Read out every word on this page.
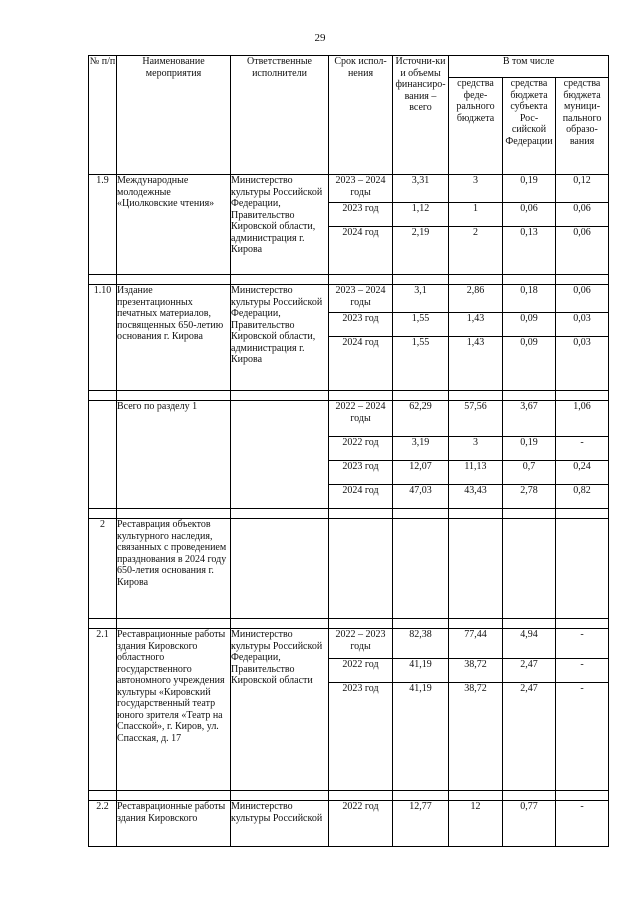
29
№ п/п	Наименование мероприятия	Ответственные исполнители	Срок испол-нения	Источни-ки и объемы финансиро-вания – всего	В том числе		
					средства феде-рального бюджета	средства бюджета субъекта Рос-сийской Федерации	средства бюджета муници-пального образо-вания
1.9	Международные молодежные «Циолковские чтения»	Министерство культуры Российской Федерации, Правительство Кировской области, администрация г. Кирова	2023 – 2024 годы	3,31	3	0,19	0,12
			2023 год	1,12	1	0,06	0,06
			2024 год	2,19	2	0,13	0,06

1.10	Издание презентационных печатных материалов, посвященных 650-летию основания г. Кирова	Министерство культуры Российской Федерации, Правительство Кировской области, администрация г. Кирова	2023 – 2024 годы	3,1	2,86	0,18	0,06
			2023 год	1,55	1,43	0,09	0,03
			2024 год	1,55	1,43	0,09	0,03

	Всего по разделу 1		2022 – 2024 годы	62,29	57,56	3,67	1,06
			2022 год	3,19	3	0,19	-
			2023 год	12,07	11,13	0,7	0,24
			2024 год	47,03	43,43	2,78	0,82

2	Реставрация объектов культурного наследия, связанных с проведением празднования в 2024 году 650-летия основания г. Кирова						

2.1	Реставрационные работы здания Кировского областного государственного автономного учреждения культуры «Кировский государственный театр юного зрителя «Театр на Спасской», г. Киров, ул. Спасская, д. 17	Министерство культуры Российской Федерации, Правительство Кировской области	2022 – 2023 годы	82,38	77,44	4,94	-
			2022 год	41,19	38,72	2,47	-
			2023 год	41,19	38,72	2,47	-

2.2	Реставрационные работы здания Кировского	Министерство культуры Российской	2022 год	12,77	12	0,77	-
